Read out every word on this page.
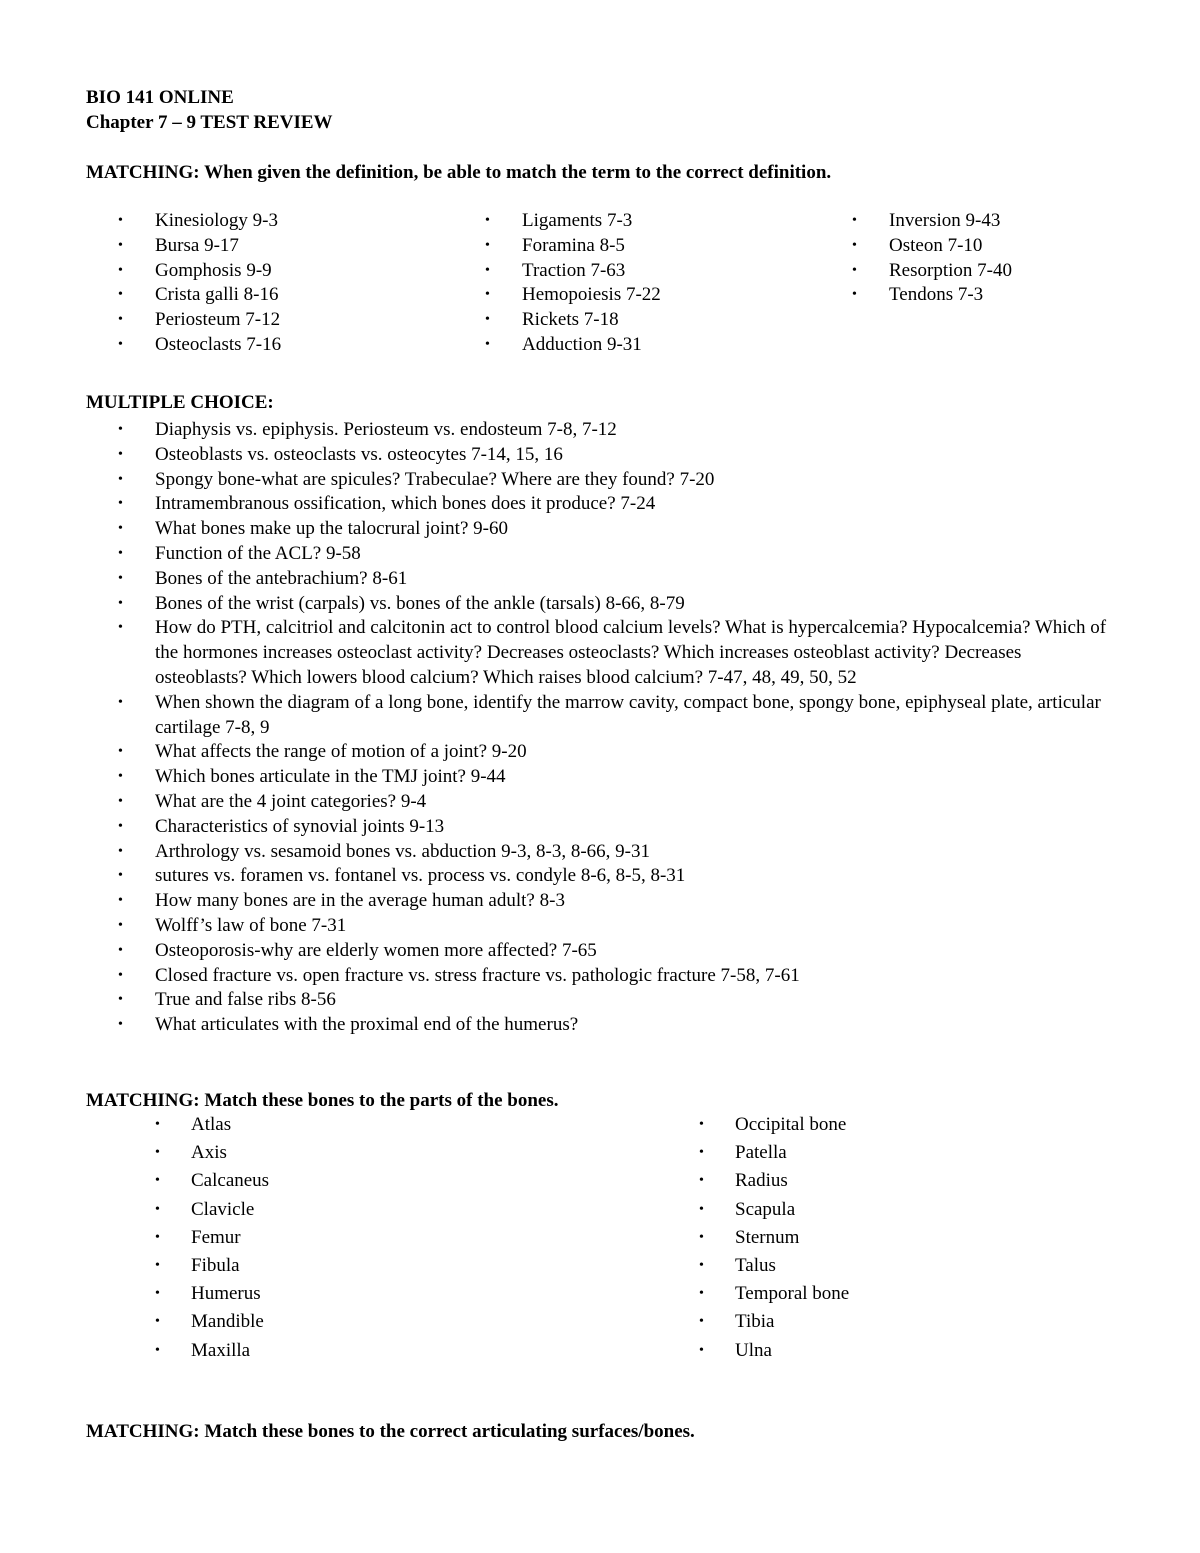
BIO 141 ONLINE
Chapter 7 – 9 TEST REVIEW
MATCHING: When given the definition, be able to match the term to the correct definition.
• Kinesiology 9-3
• Bursa 9-17
• Gomphosis 9-9
• Crista galli 8-16
• Periosteum 7-12
• Osteoclasts 7-16
• Ligaments 7-3
• Foramina 8-5
• Traction 7-63
• Hemopoiesis 7-22
• Rickets 7-18
• Adduction 9-31
• Inversion 9-43
• Osteon 7-10
• Resorption 7-40
• Tendons 7-3
MULTIPLE CHOICE:
• Diaphysis vs. epiphysis. Periosteum vs. endosteum 7-8, 7-12
• Osteoblasts vs. osteoclasts vs. osteocytes 7-14, 15, 16
• Spongy bone-what are spicules? Trabeculae? Where are they found? 7-20
• Intramembranous ossification, which bones does it produce? 7-24
• What bones make up the talocrural joint? 9-60
• Function of the ACL? 9-58
• Bones of the antebrachium? 8-61
• Bones of the wrist (carpals) vs. bones of the ankle (tarsals) 8-66, 8-79
• How do PTH, calcitriol and calcitonin act to control blood calcium levels? What is hypercalcemia? Hypocalcemia? Which of the hormones increases osteoclast activity? Decreases osteoclasts? Which increases osteoblast activity? Decreases osteoblasts? Which lowers blood calcium? Which raises blood calcium? 7-47, 48, 49, 50, 52
• When shown the diagram of a long bone, identify the marrow cavity, compact bone, spongy bone, epiphyseal plate, articular cartilage 7-8, 9
• What affects the range of motion of a joint? 9-20
• Which bones articulate in the TMJ joint? 9-44
• What are the 4 joint categories? 9-4
• Characteristics of synovial joints 9-13
• Arthrology vs. sesamoid bones vs. abduction 9-3, 8-3, 8-66, 9-31
• sutures vs. foramen vs. fontanel vs. process vs. condyle 8-6, 8-5, 8-31
• How many bones are in the average human adult? 8-3
• Wolff’s law of bone 7-31
• Osteoporosis-why are elderly women more affected? 7-65
• Closed fracture vs. open fracture vs. stress fracture vs. pathologic fracture 7-58, 7-61
• True and false ribs 8-56
• What articulates with the proximal end of the humerus?
MATCHING: Match these bones to the parts of the bones.
• Atlas
• Axis
• Calcaneus
• Clavicle
• Femur
• Fibula
• Humerus
• Mandible
• Maxilla
• Occipital bone
• Patella
• Radius
• Scapula
• Sternum
• Talus
• Temporal bone
• Tibia
• Ulna
MATCHING: Match these bones to the correct articulating surfaces/bones.
